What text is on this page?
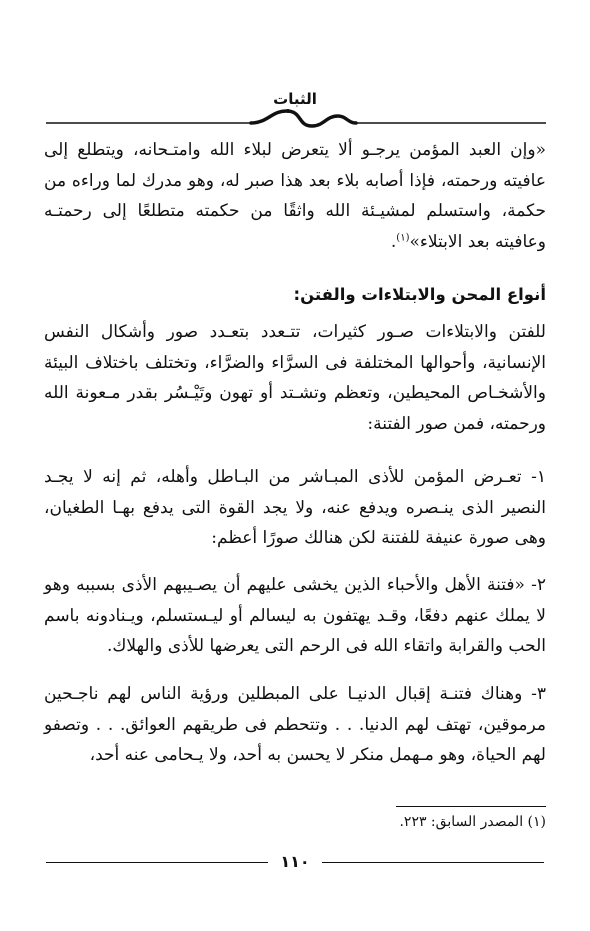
الثبات
«وإن العبد المؤمن يرجـو ألا يتعرض لبلاء الله وامتـحانه، ويتطلع إلى عافيته ورحمته، فإذا أصابه بلاء بعد هذا صبر له، وهو مدرك لما وراءه من حكمة، واستسلم لمشيـئة الله واثقًا من حكمته متطلعًا إلى رحمتـه وعافيته بعد الابتلاء»$^{(١)}$.
أنواع المحن والابتلاءات والفتن:
للفتن والابتلاءات صـور كثيرات، تتـعدد بتعـدد صور وأشكال النفس الإنسانية، وأحوالها المختلفة فى السرَّاء والضرَّاء، وتختلف باختلاف البيئة والأشخـاص المحيطين، وتعظم وتشـتد أو تهون وتَيْـسُر بقدر مـعونة الله ورحمته، فمن صور الفتنة:
١- تعـرض المؤمن للأذى المبـاشر من البـاطل وأهله، ثم إنه لا يجـد النصير الذى ينـصره ويدفع عنه، ولا يجد القوة التى يدفع بهـا الطغيان، وهى صورة عنيفة للفتنة لكن هنالك صورًا أعظم:
٢- «فتنة الأهل والأحباء الذين يخشى عليهم أن يصـيبهم الأذى بسببه وهو لا يملك عنهم دفعًا، وقـد يهتفون به ليسالم أو ليـستسلم، ويـنادونه باسم الحب والقرابة واتقاء الله فى الرحم التى يعرضها للأذى والهلاك.
٣- وهناك فتنـة إقبال الدنيـا على المبطلين ورؤية الناس لهم ناجـحين مرموقين، تهتف لهم الدنيا. . . وتتحطم فى طريقهم العوائق. . . وتصفو لهم الحياة، وهو مـهمل منكر لا يحسن به أحد، ولا يـحامى عنه أحد،
(١) المصدر السابق: ٢٢٣.
١١٠
